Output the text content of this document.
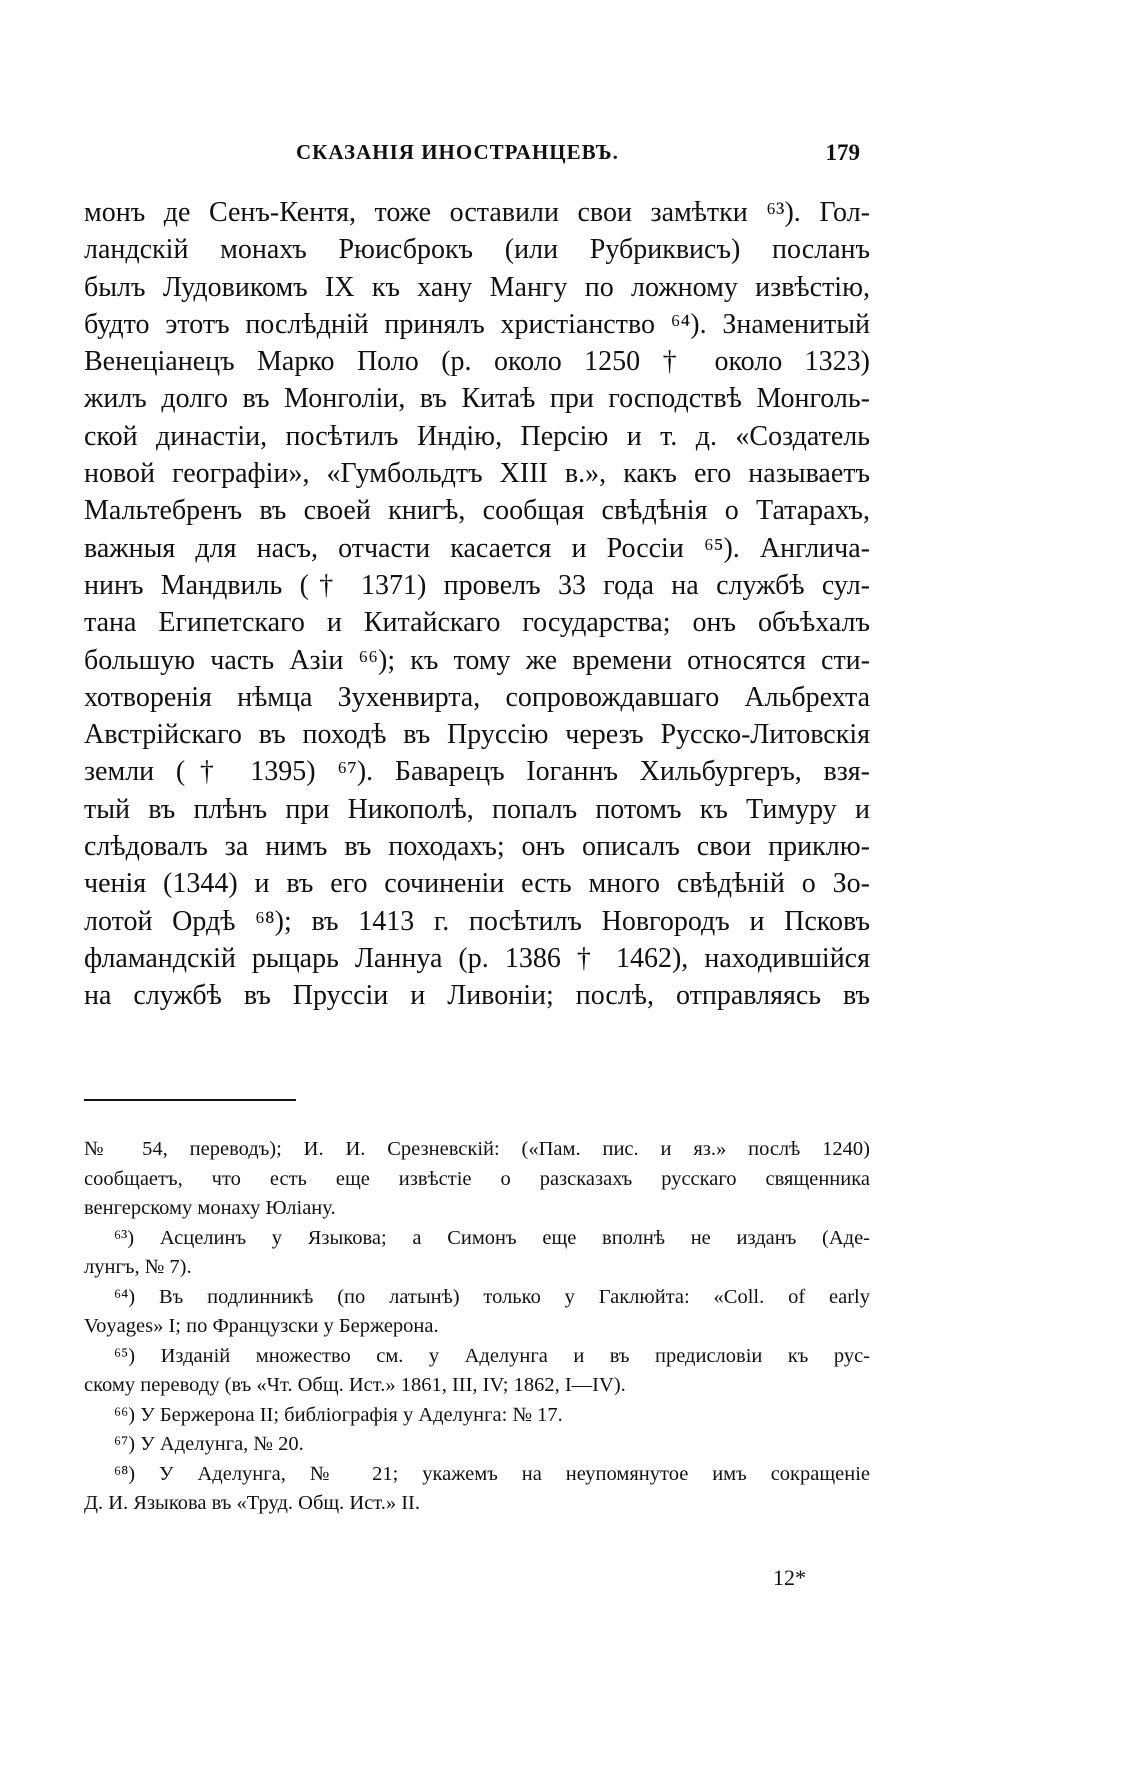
СКАЗАНІЯ ИНОСТРАНЦЕВЪ.	179
монъ де Сенъ-Кентя, тоже оставили свои замѣтки ⁶³). Гол-
ландскій монахъ Рюисброкъ (или Рубриквисъ) посланъ
былъ Лудовикомъ IX къ хану Мангу по ложному извѣстію,
будто этотъ послѣдній принялъ христіанство ⁶⁴). Знаменитый
Венеціанецъ Марко Поло (р. около 1250 † около 1323)
жилъ долго въ Монголіи, въ Китаѣ при господствѣ Монголь-
ской династіи, посѣтилъ Индію, Персію и т. д. «Создатель
новой географіи», «Гумбольдтъ XIII в.», какъ его называетъ
Мальтебренъ въ своей книгѣ, сообщая свѣдѣнія о Татарахъ,
важныя для насъ, отчасти касается и Россіи ⁶⁵). Англича-
нинъ Мандвиль († 1371) провелъ 33 года на службѣ сул-
тана Египетскаго и Китайскаго государства; онъ объѣхалъ
большую часть Азіи ⁶⁶); къ тому же времени относятся сти-
хотворенія нѣмца Зухенвирта, сопровождавшаго Альбрехта
Австрійскаго въ походѣ въ Пруссію черезъ Русско-Литовскія
земли († 1395) ⁶⁷). Баварецъ Іоганнъ Хильбургеръ, взя-
тый въ плѣнъ при Никополѣ, попалъ потомъ къ Тимуру и
слѣдовалъ за нимъ въ походахъ; онъ описалъ свои приклю-
ченія (1344) и въ его сочиненіи есть много свѣдѣній о Зо-
лотой Ордѣ ⁶⁸); въ 1413 г. посѣтилъ Новгородъ и Псковъ
фламандскій рыцарь Ланнуа (р. 1386 † 1462), находившійся
на службѣ въ Пруссіи и Ливоніи; послѣ, отправляясь въ
№ 54, переводъ); И. И. Срезневскій: («Пам. пис. и яз.» послѣ 1240)
сообщаетъ, что есть еще извѣстіе о разсказахъ русскаго священника
венгерскому монаху Юліану.
⁶³) Асцелинъ у Языкова; а Симонъ еще вполнѣ не изданъ (Аде-
лунгъ, № 7).
⁶⁴) Въ подлинникѣ (по латынѣ) только у Гаклюйта: «Coll. of early
Voyages» I; по Французски у Бержерона.
⁶⁵) Изданій множество см. у Аделунга и въ предисловіи къ рус-
скому переводу (въ «Чт. Общ. Ист.» 1861, III, IV; 1862, I—IV).
⁶⁶) У Бержерона II; библіографія у Аделунга: № 17.
⁶⁷) У Аделунга, № 20.
⁶⁸) У Аделунга, № 21; укажемъ на неупомянутое имъ сокращеніе
Д. И. Языкова въ «Труд. Общ. Ист.» II.
12*
